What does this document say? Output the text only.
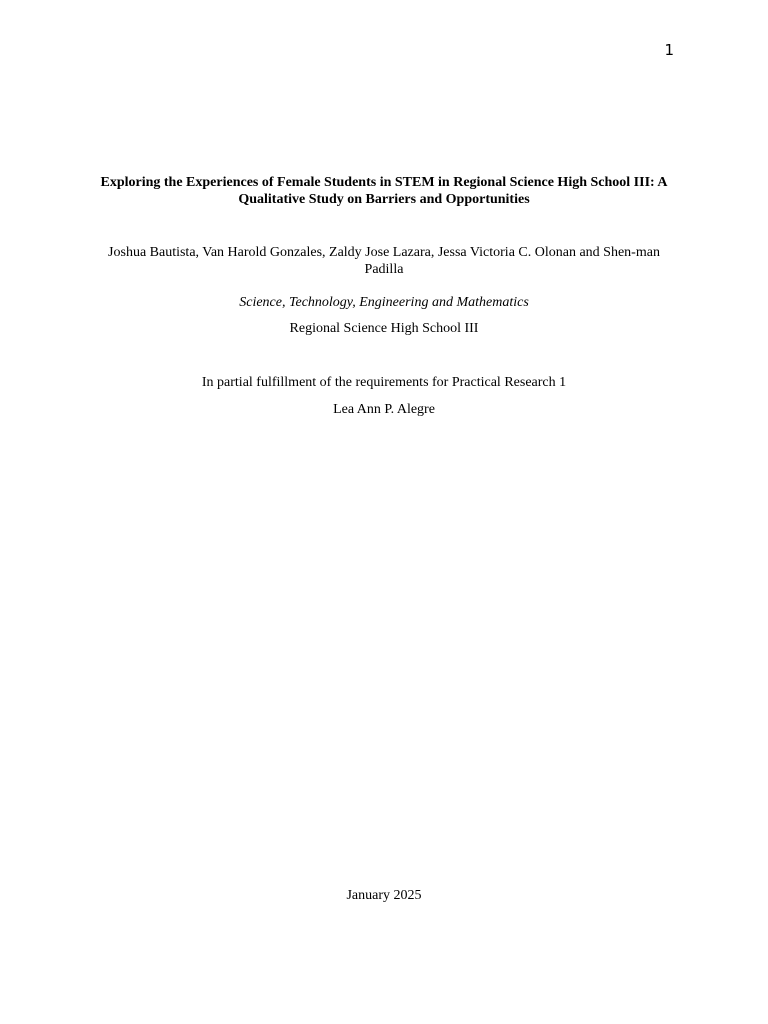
1
Exploring the Experiences of Female Students in STEM in Regional Science High School III: A Qualitative Study on Barriers and Opportunities
Joshua Bautista, Van Harold Gonzales, Zaldy Jose Lazara, Jessa Victoria C. Olonan and Shen-man Padilla
Science, Technology, Engineering and Mathematics
Regional Science High School III
In partial fulfillment of the requirements for Practical Research 1
Lea Ann P. Alegre
January 2025
